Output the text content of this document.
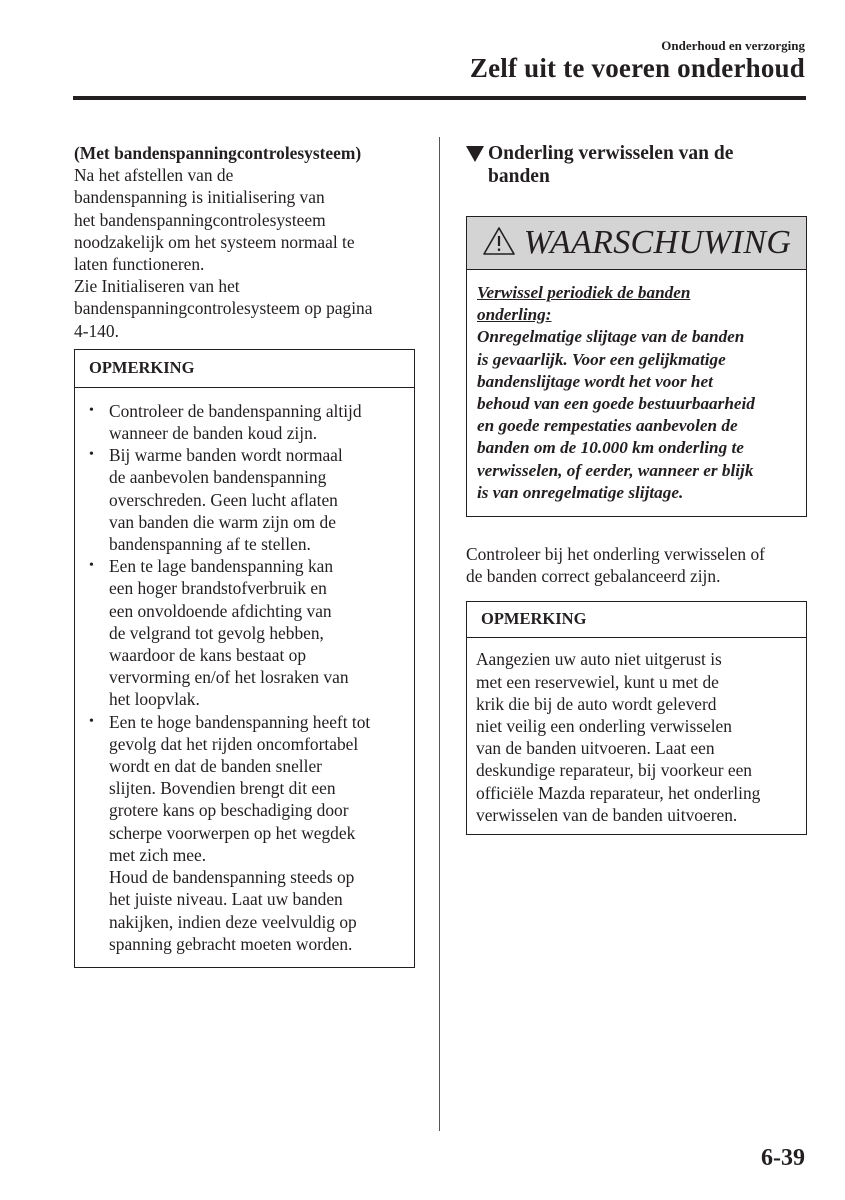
Onderhoud en verzorging
Zelf uit te voeren onderhoud

(Met bandenspanningcontrolesysteem)

Na het afstellen van de

bandenspanning is initialisering van

het bandenspanningcontrolesysteem

noodzakelijk om het systeem normaal te

laten functioneren.

Zie Initialiseren van het

bandenspanningcontrolesysteem op pagina

4-140.

OPMERKING
• Controleer de bandenspanning altijd
wanneer de banden koud zijn.
• Bij warme banden wordt normaal
de aanbevolen bandenspanning
overschreden. Geen lucht aflaten
van banden die warm zijn om de
bandenspanning af te stellen.
• Een te lage bandenspanning kan
een hoger brandstofverbruik en
een onvoldoende afdichting van
de velgrand tot gevolg hebben,
waardoor de kans bestaat op
vervorming en/of het losraken van
het loopvlak.
• Een te hoge bandenspanning heeft tot
gevolg dat het rijden oncomfortabel
wordt en dat de banden sneller
slijten. Bovendien brengt dit een
grotere kans op beschadiging door
scherpe voorwerpen op het wegdek
met zich mee.

Houd de bandenspanning steeds op

het juiste niveau. Laat uw banden

nakijken, indien deze veelvuldig op

spanning gebracht moeten worden.

Onderling verwisselen van de
banden
WAARSCHUWING
Verwissel periodiek de banden
onderling:
Onregelmatige slijtage van de banden
is gevaarlijk. Voor een gelijkmatige
bandenslijtage wordt het voor het
behoud van een goede bestuurbaarheid
en goede rempestaties aanbevolen de
banden om de 10.000 km onderling te
verwisselen, of eerder, wanneer er blijk
is van onregelmatige slijtage.

Controleer bij het onderling verwisselen of

de banden correct gebalanceerd zijn.

OPMERKING

Aangezien uw auto niet uitgerust is

met een reservewiel, kunt u met de

krik die bij de auto wordt geleverd

niet veilig een onderling verwisselen

van de banden uitvoeren. Laat een

deskundige reparateur, bij voorkeur een

officiële Mazda reparateur, het onderling

verwisselen van de banden uitvoeren.

6-39
